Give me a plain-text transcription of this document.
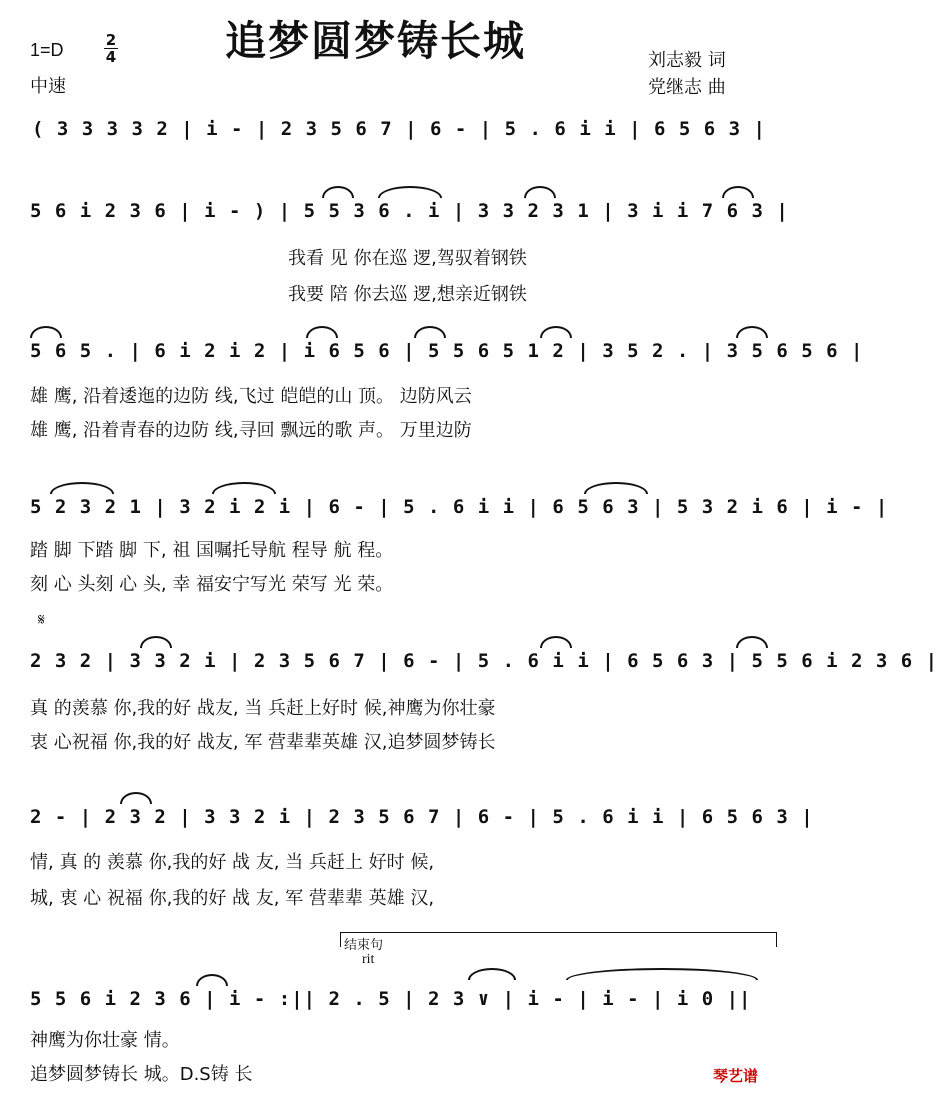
追梦圆梦铸长城
1=D	2
4
中速
刘志毅 词
党继志 曲
( 3 3 3 3 2 | i - | 2 3 5 6 7 | 6 - | 5 . 6 i i | 6 5 6 3 |
5 6 i 2 3 6 | i - ) | 5 5 3 6 . i | 3 3 2 3 1 | 3 i i 7 6 3 |
我看 见 你在巡 逻,驾驭着钢铁
我要 陪 你去巡 逻,想亲近钢铁
5 6 5 . | 6 i 2 i 2 | i 6 5 6 | 5 5 6 5 1 2 | 3 5 2 . | 3 5 6 5 6 |
雄 鹰, 沿着逶迤的边防 线,飞过 皑皑的山 顶。 边防风云
雄 鹰, 沿着青春的边防 线,寻回 飘远的歌 声。 万里边防
5 2 3 2 1 | 3 2 i 2 i | 6 - | 5 . 6 i i | 6 5 6 3 | 5 3 2 i 6 | i - |
踏 脚 下踏 脚 下, 祖 国嘱托导航 程导 航 程。
刻 心 头刻 心 头, 幸 福安宁写光 荣写 光 荣。
𝄋
2 3 2 | 3 3 2 i | 2 3 5 6 7 | 6 - | 5 . 6 i i | 6 5 6 3 | 5 5 6 i 2 3 6 |
真 的羡慕 你,我的好 战友, 当 兵赶上好时 候,神鹰为你壮豪
衷 心祝福 你,我的好 战友, 军 营辈辈英雄 汉,追梦圆梦铸长
2 - | 2 3 2 | 3 3 2 i | 2 3 5 6 7 | 6 - | 5 . 6 i i | 6 5 6 3 |
情, 真 的 羡慕 你,我的好 战 友, 当 兵赶上 好时 候,
城, 衷 心 祝福 你,我的好 战 友, 军 营辈辈 英雄 汉,
结束句
rit
5 5 6 i 2 3 6 | i - :|| 2 . 5 | 2 3 ∨ | i - | i - | i 0 ||
神鹰为你壮豪 情。
追梦圆梦铸长 城。D.S铸 长	琴艺谱
